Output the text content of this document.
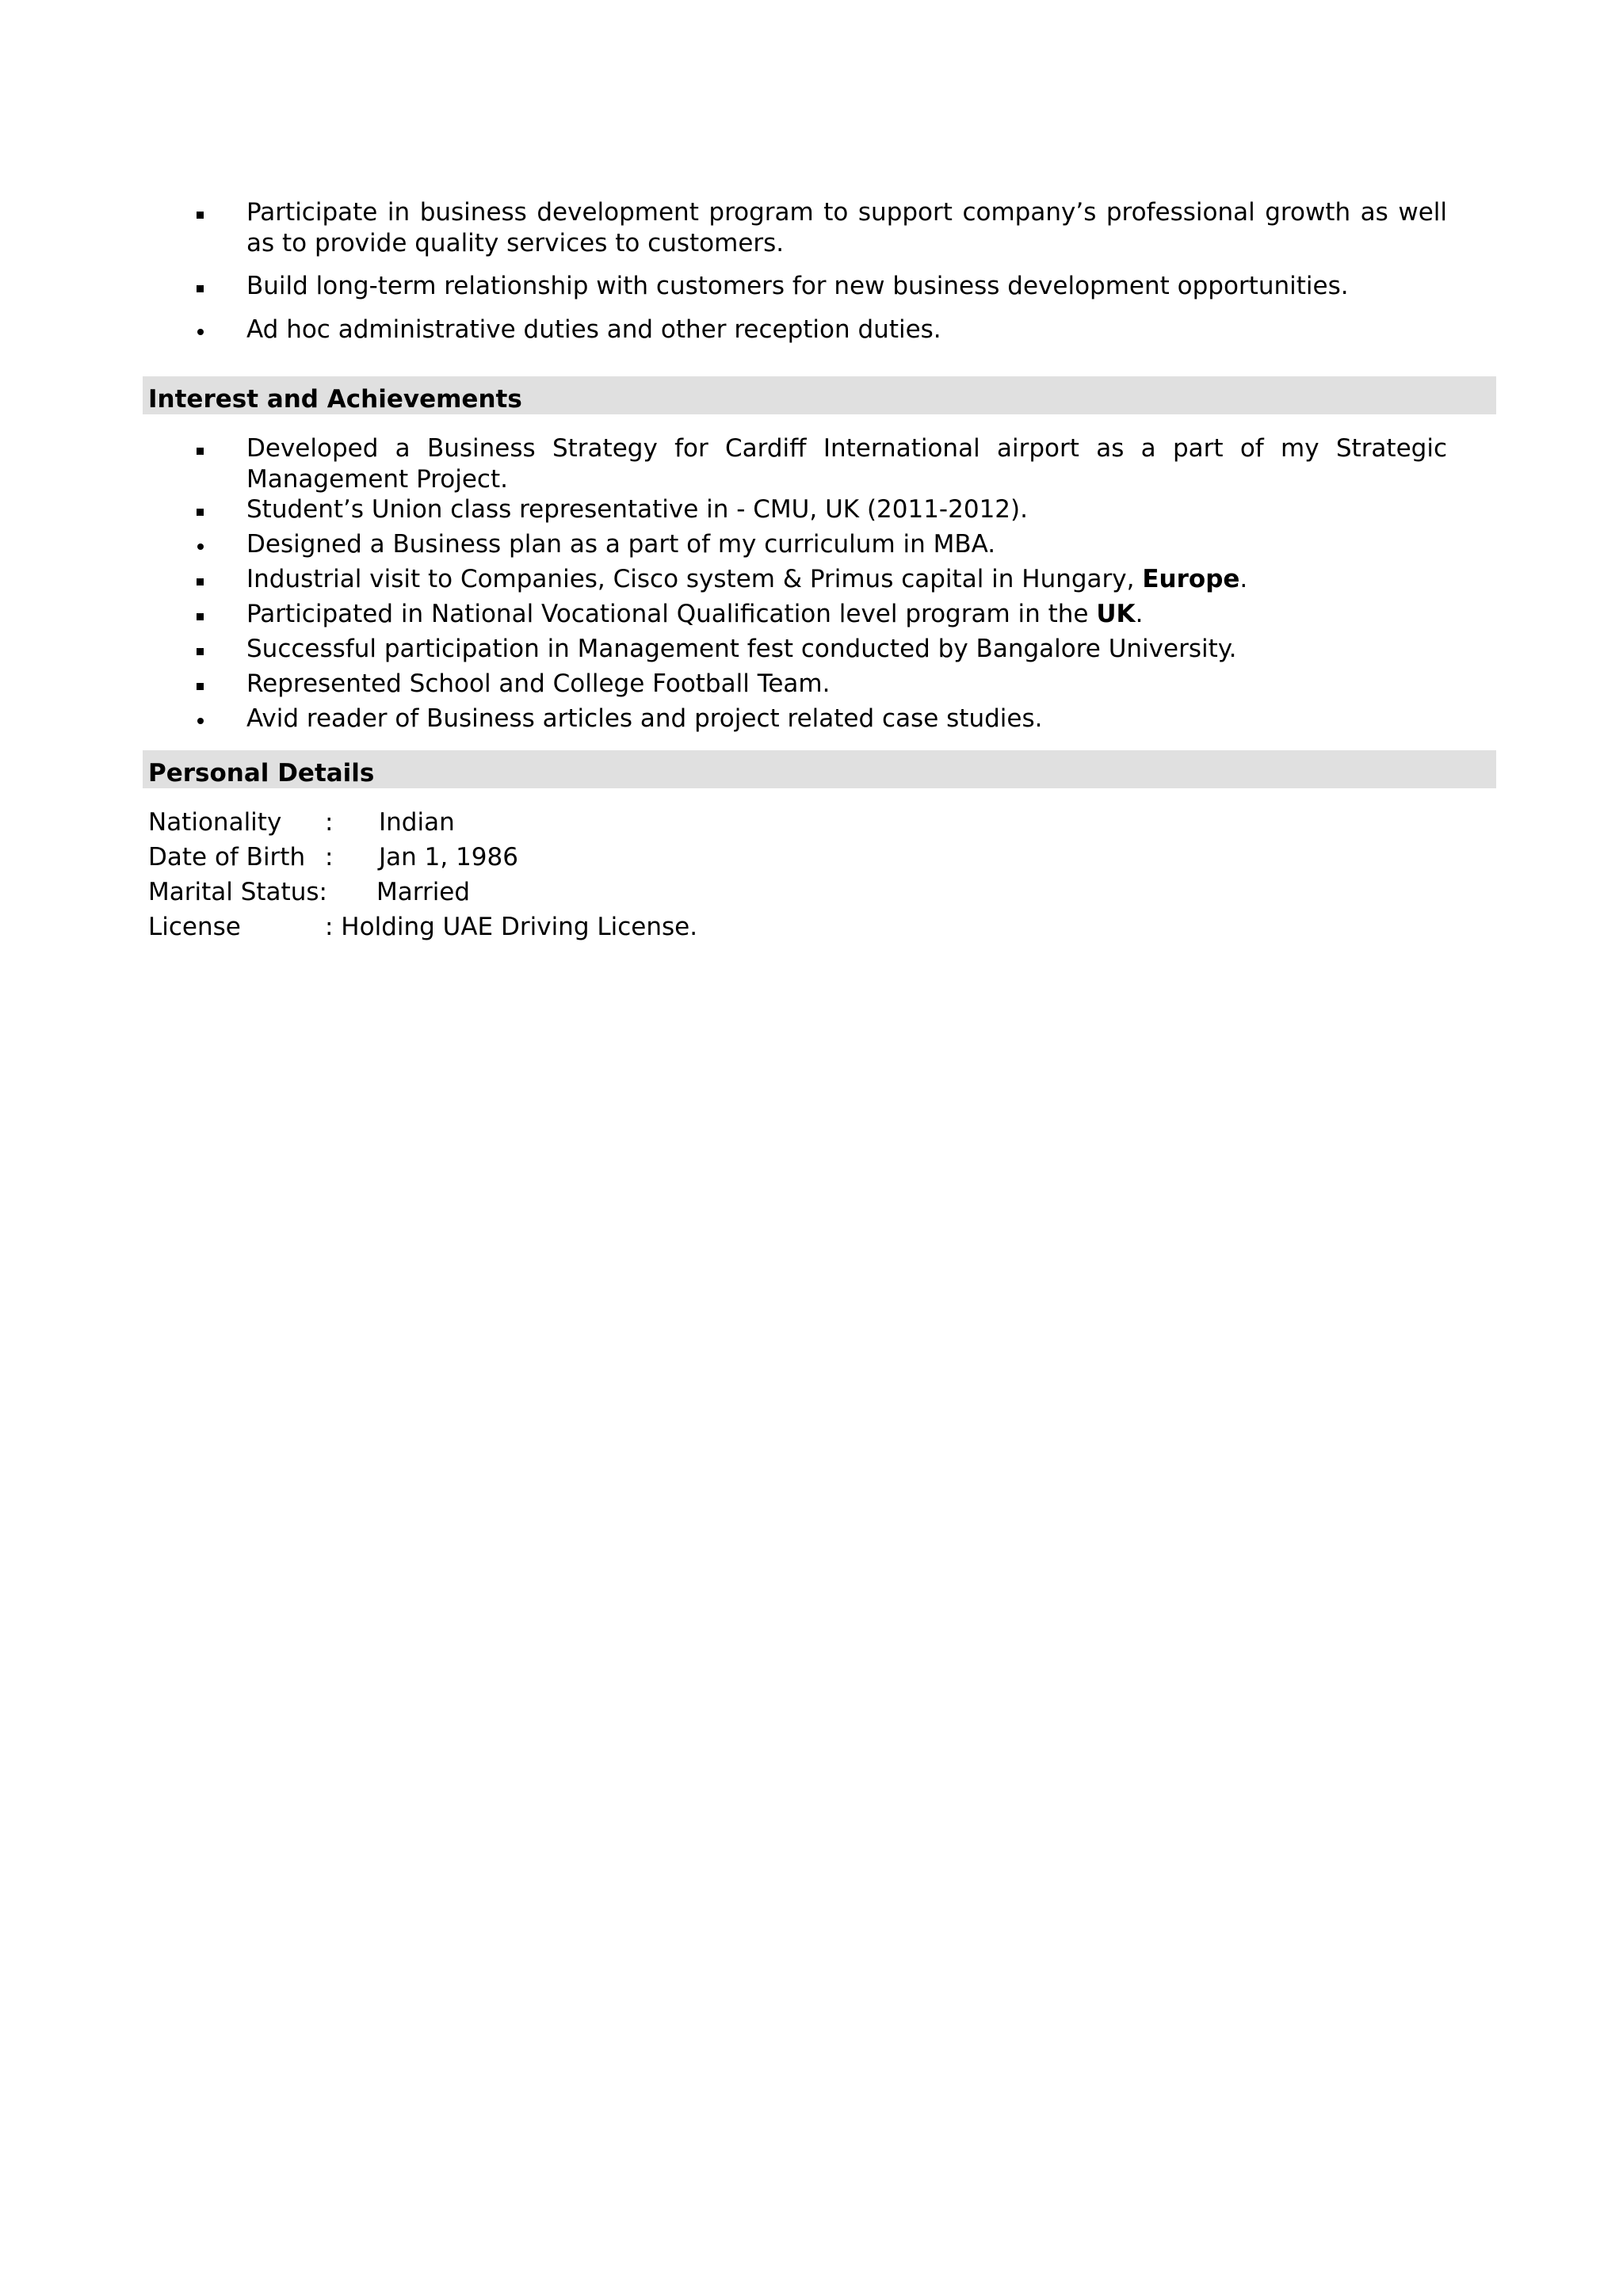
Participate in business development program to support company’s professional growth as well as to provide quality services to customers.
Build long-term relationship with customers for new business development opportunities.
Ad hoc administrative duties and other reception duties.
Interest and Achievements
Developed a Business Strategy for Cardiff International airport as a part of my Strategic Management Project.
Student’s Union class representative in - CMU, UK (2011-2012).
Designed a Business plan as a part of my curriculum in MBA.
Industrial visit to Companies, Cisco system & Primus capital in Hungary, Europe.
Participated in National Vocational Qualification level program in the UK.
Successful participation in Management fest conducted by Bangalore University.
Represented School and College Football Team.
Avid reader of Business articles and project related case studies.
Personal Details
Nationality : Indian
Date of Birth : Jan 1, 1986
Marital Status: Married
License	: Holding UAE Driving License.
